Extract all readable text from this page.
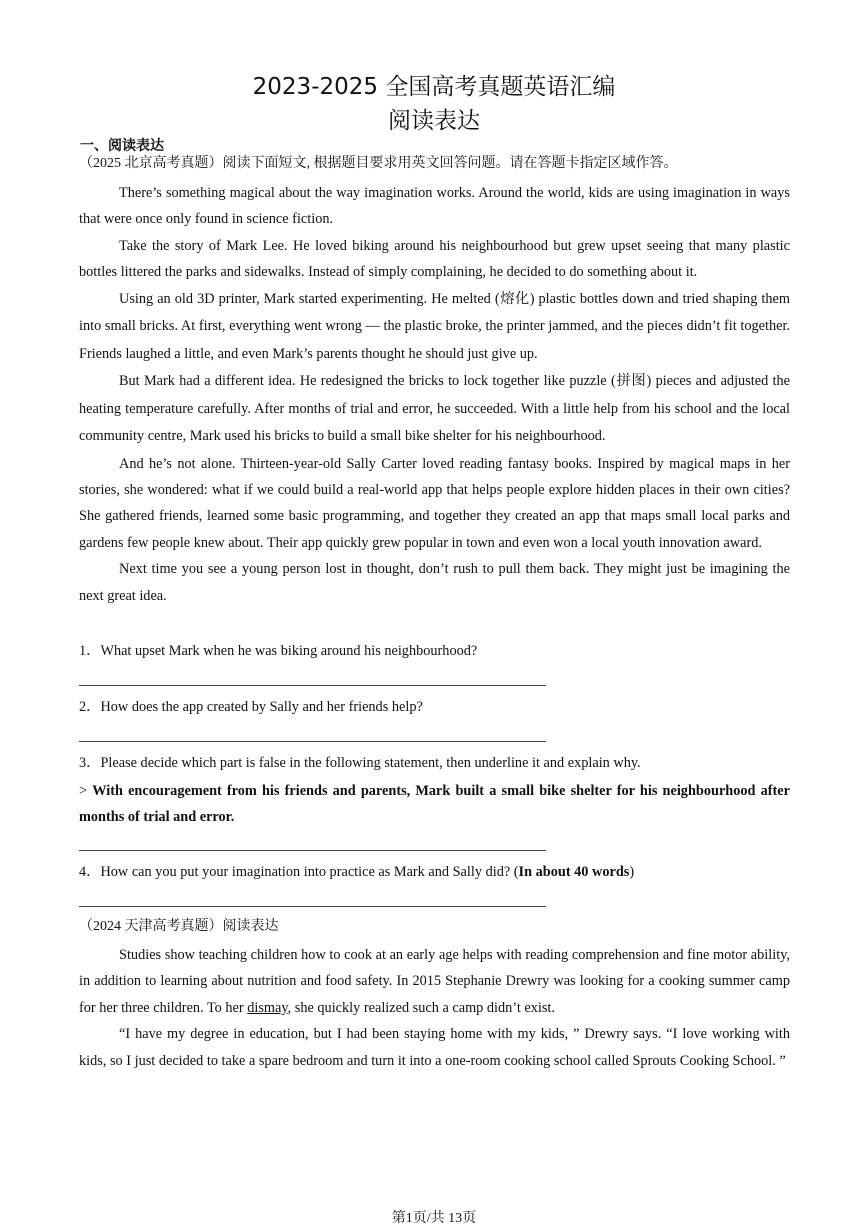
2023-2025 全国高考真题英语汇编
阅读表达
一、阅读表达
（2025 北京高考真题）阅读下面短文, 根据题目要求用英文回答问题。请在答题卡指定区域作答。

There’s something magical about the way imagination works. Around the world, kids are using imagination in ways that were once only found in science fiction.

Take the story of Mark Lee. He loved biking around his neighbourhood but grew upset seeing that many plastic bottles littered the parks and sidewalks. Instead of simply complaining, he decided to do something about it.

Using an old 3D printer, Mark started experimenting. He melted (熔化) plastic bottles down and tried shaping them into small bricks. At first, everything went wrong — the plastic broke, the printer jammed, and the pieces didn’t fit together. Friends laughed a little, and even Mark’s parents thought he should just give up.

But Mark had a different idea. He redesigned the bricks to lock together like puzzle (拼图) pieces and adjusted the heating temperature carefully. After months of trial and error, he succeeded. With a little help from his school and the local community centre, Mark used his bricks to build a small bike shelter for his neighbourhood.

And he’s not alone. Thirteen-year-old Sally Carter loved reading fantasy books. Inspired by magical maps in her stories, she wondered: what if we could build a real-world app that helps people explore hidden places in their own cities? She gathered friends, learned some basic programming, and together they created an app that maps small local parks and gardens few people knew about. Their app quickly grew popular in town and even won a local youth innovation award.

Next time you see a young person lost in thought, don’t rush to pull them back. They might just be imagining the next great idea.

1．What upset Mark when he was biking around his neighbourhood?

2．How does the app created by Sally and her friends help?

3．Please decide which part is false in the following statement, then underline it and explain why.

> With encouragement from his friends and parents, Mark built a small bike shelter for his neighbourhood after months of trial and error.

4．How can you put your imagination into practice as Mark and Sally did? (In about 40 words)

（2024 天津高考真题）阅读表达

Studies show teaching children how to cook at an early age helps with reading comprehension and fine motor ability, in addition to learning about nutrition and food safety. In 2015 Stephanie Drewry was looking for a cooking summer camp for her three children. To her dismay, she quickly realized such a camp didn’t exist.

“I have my degree in education, but I had been staying home with my kids, ” Drewry says. “I love working with kids, so I just decided to take a spare bedroom and turn it into a one-room cooking school called Sprouts Cooking School. ”

第1页/共 13页
